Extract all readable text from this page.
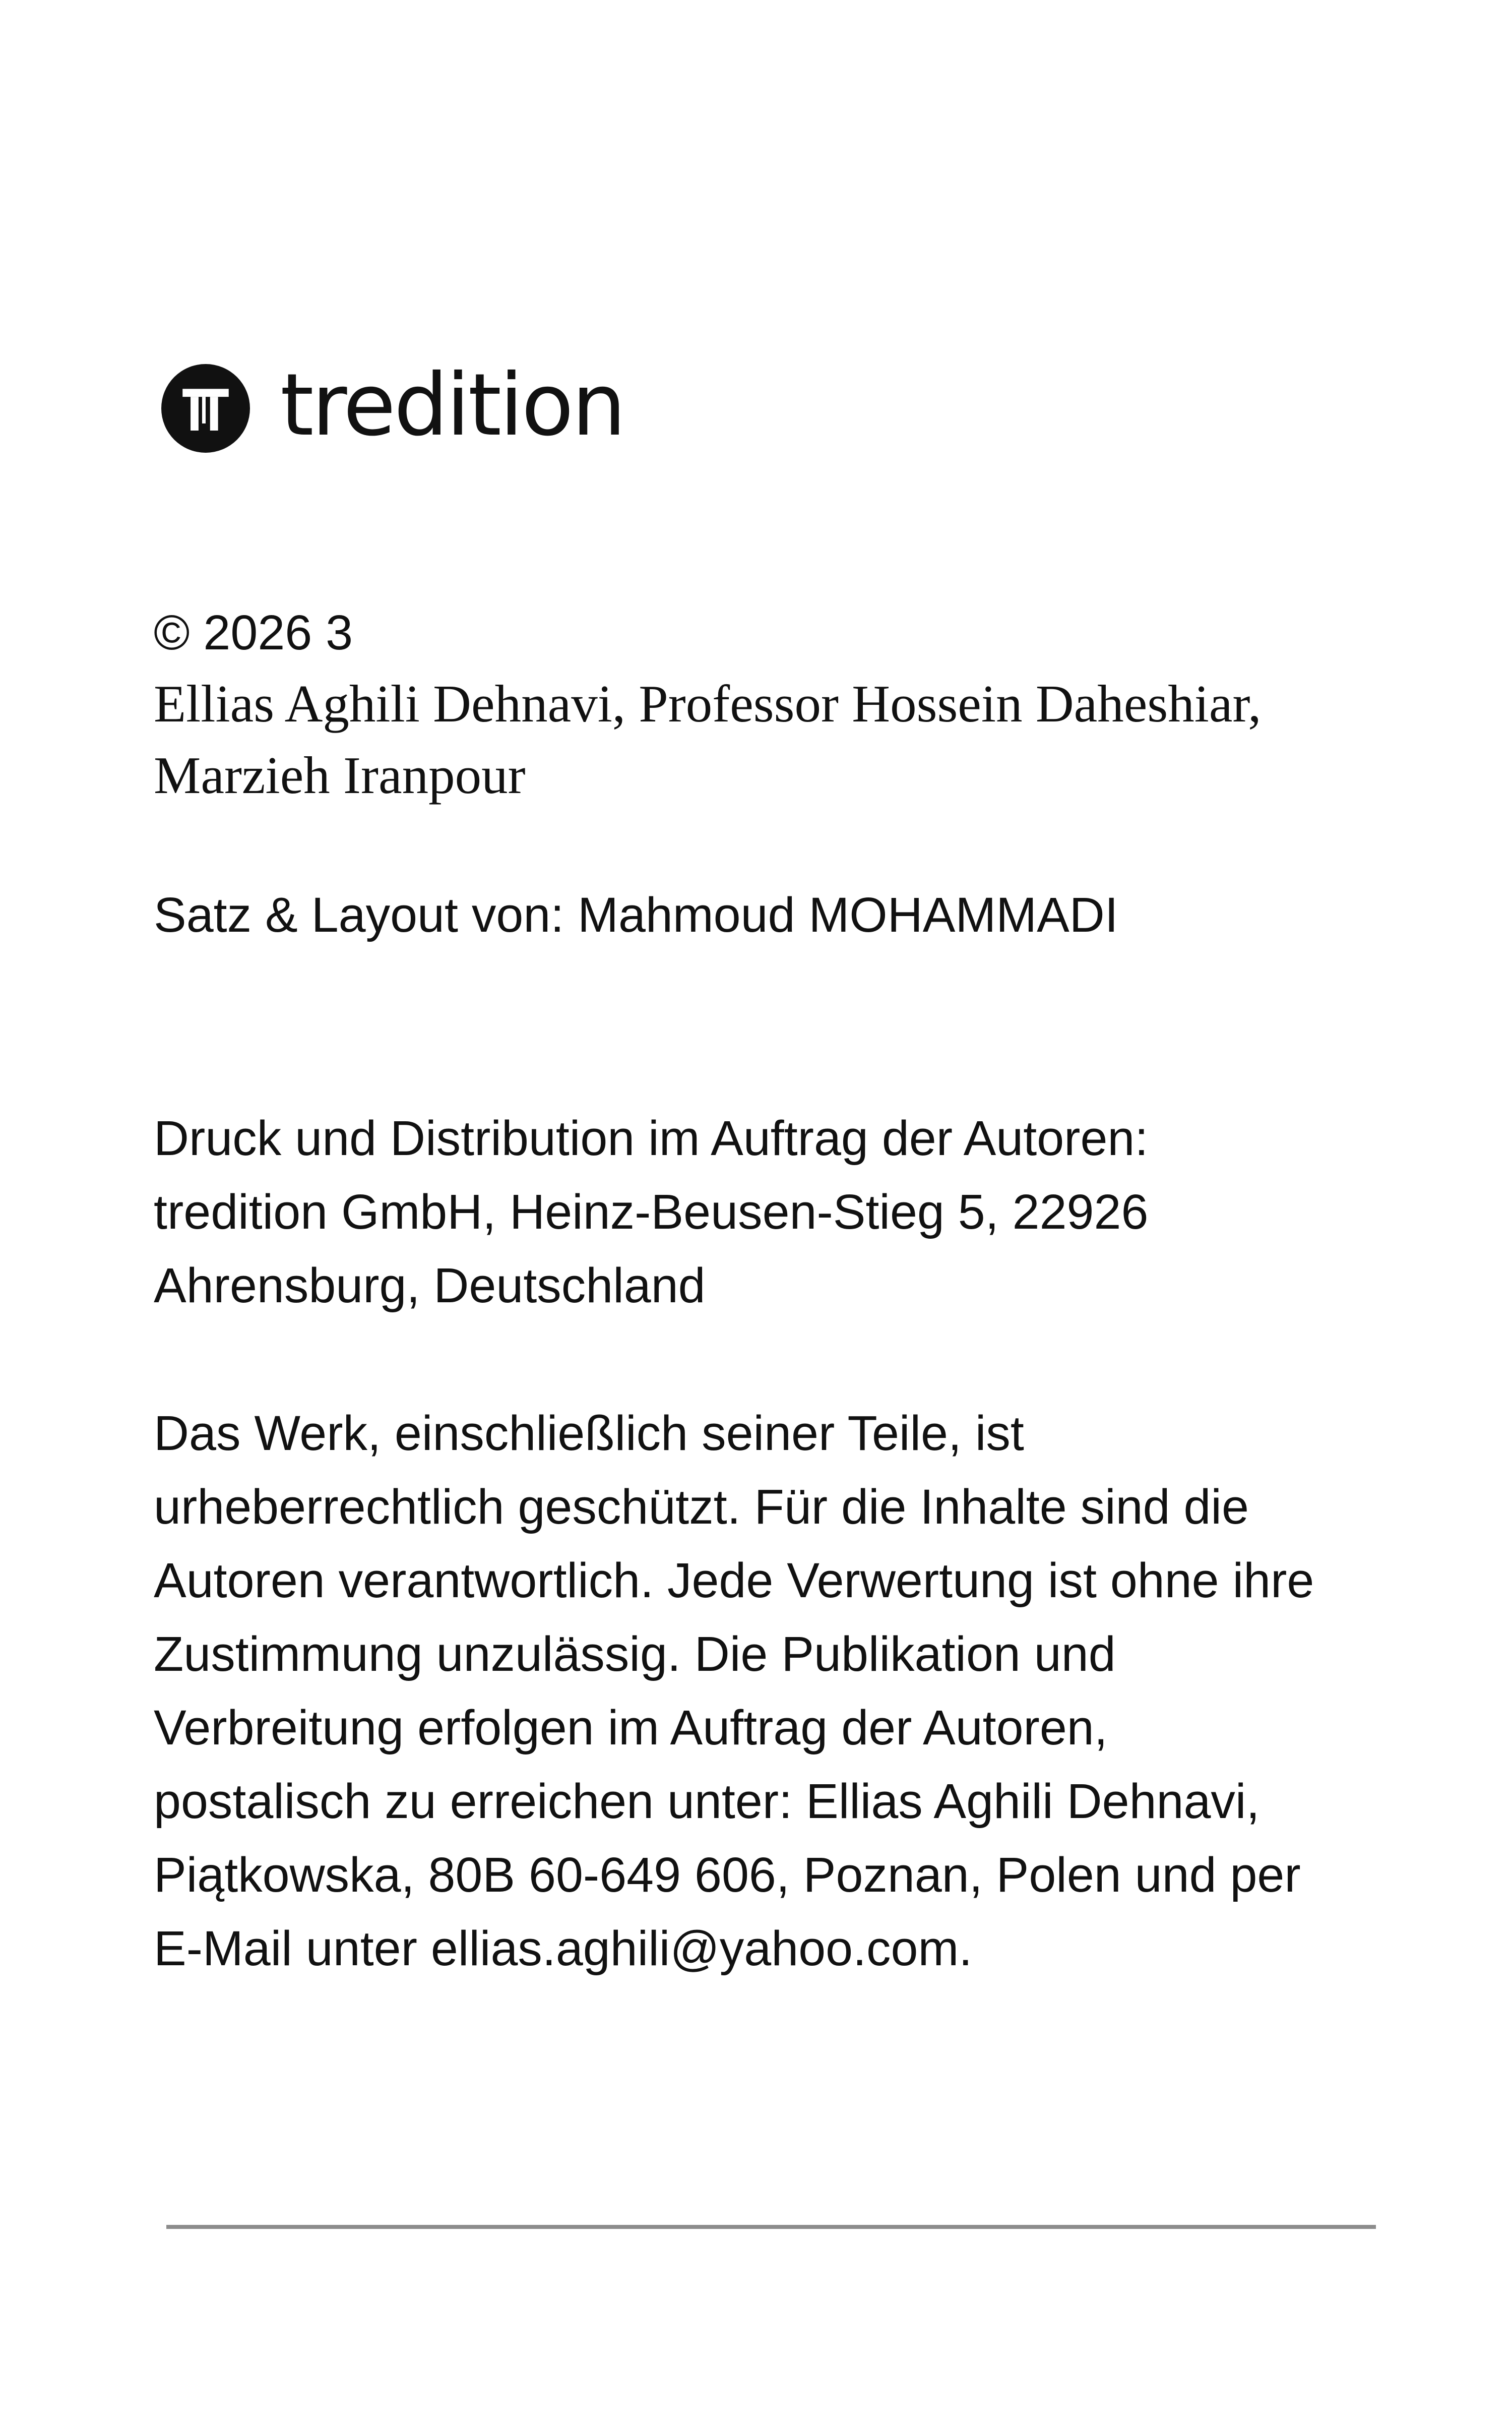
tredition
© 2026 3
Ellias Aghili Dehnavi, Professor Hossein Daheshiar, Marzieh Iranpour
Satz & Layout von: Mahmoud MOHAMMADI
Druck und Distribution im Auftrag der Autoren:
tredition GmbH, Heinz-Beusen-Stieg 5, 22926
Ahrensburg, Deutschland
Das Werk, einschließlich seiner Teile, ist
urheberrechtlich geschützt. Für die Inhalte sind die
Autoren verantwortlich. Jede Verwertung ist ohne ihre
Zustimmung unzulässig. Die Publikation und
Verbreitung erfolgen im Auftrag der Autoren,
postalisch zu erreichen unter: Ellias Aghili Dehnavi,
Piątkowska, 80B 60-649 606, Poznan, Polen und per
E-Mail unter ellias.aghili@yahoo.com.
